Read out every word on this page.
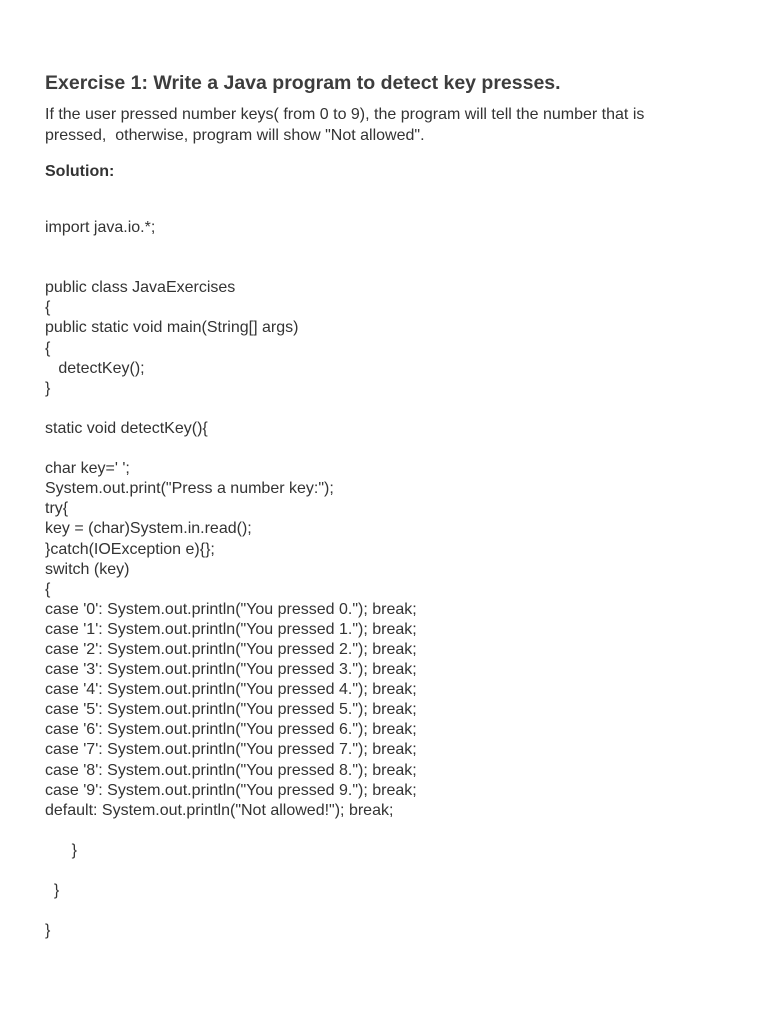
Exercise 1: Write a Java program to detect key presses.

If the user pressed number keys( from 0 to 9), the program will tell the number that is
pressed,  otherwise, program will show "Not allowed".

Solution:

import java.io.*;
public class JavaExercises
{
public static void main(String[] args)
{
detectKey();
}
static void detectKey(){
char key=' ';
System.out.print("Press a number key:");
try{
key = (char)System.in.read();
}catch(IOException e){};
switch (key)
{
case '0': System.out.println("You pressed 0."); break;
case '1': System.out.println("You pressed 1."); break;
case '2': System.out.println("You pressed 2."); break;
case '3': System.out.println("You pressed 3."); break;
case '4': System.out.println("You pressed 4."); break;
case '5': System.out.println("You pressed 5."); break;
case '6': System.out.println("You pressed 6."); break;
case '7': System.out.println("You pressed 7."); break;
case '8': System.out.println("You pressed 8."); break;
case '9': System.out.println("You pressed 9."); break;
default: System.out.println("Not allowed!"); break;
}
}
}
